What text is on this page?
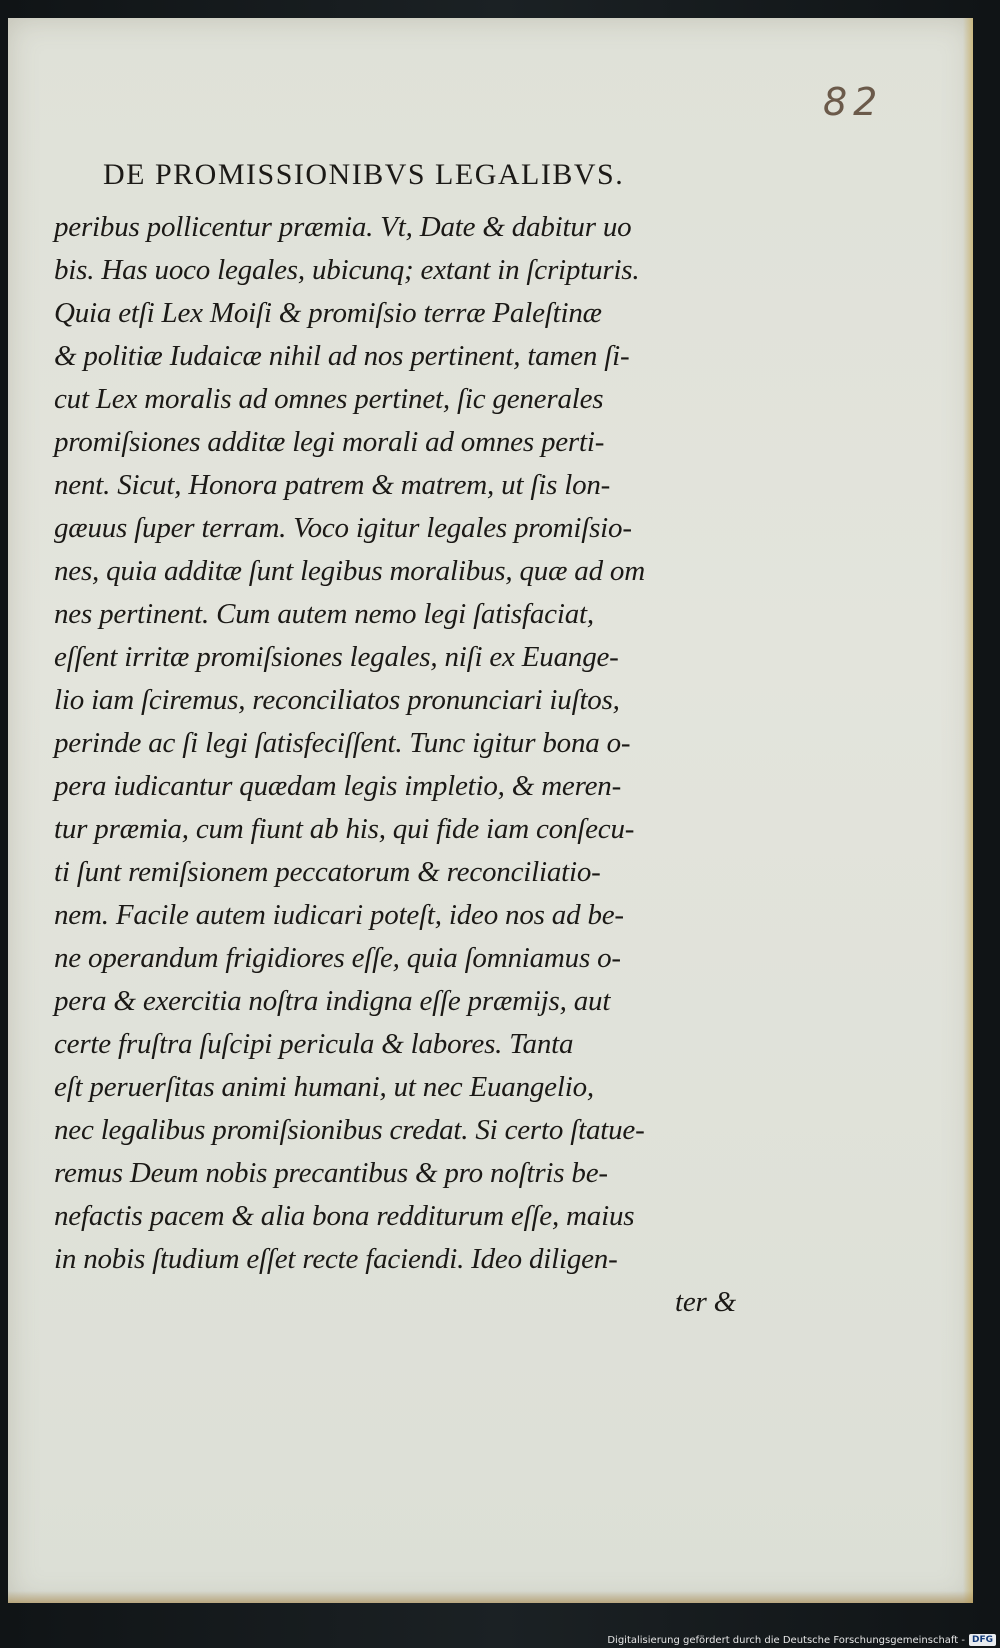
82
DE PROMISSIONIBVS LEGALIBVS.
peribus pollicentur præmia. Vt, Date & dabitur uo
bis. Has uoco legales, ubicunq; extant in ſcripturis.
Quia etſi Lex Moiſi & promiſsio terræ Paleſtinæ
& politiæ Iudaicæ nihil ad nos pertinent, tamen ſi-
cut Lex moralis ad omnes pertinet, ſic generales
promiſsiones additæ legi morali ad omnes perti-
nent. Sicut, Honora patrem & matrem, ut ſis lon-
gæuus ſuper terram. Voco igitur legales promiſsio-
nes, quia additæ ſunt legibus moralibus, quæ ad om
nes pertinent. Cum autem nemo legi ſatisfaciat,
eſſent irritæ promiſsiones legales, niſi ex Euange-
lio iam ſciremus, reconciliatos pronunciari iuſtos,
perinde ac ſi legi ſatisfeciſſent. Tunc igitur bona o-
pera iudicantur quædam legis impletio, & meren-
tur præmia, cum fiunt ab his, qui fide iam conſecu-
ti ſunt remiſsionem peccatorum & reconciliatio-
nem. Facile autem iudicari poteſt, ideo nos ad be-
ne operandum frigidiores eſſe, quia ſomniamus o-
pera & exercitia noſtra indigna eſſe præmijs, aut
certe fruſtra ſuſcipi pericula & labores. Tanta
eſt peruerſitas animi humani, ut nec Euangelio,
nec legalibus promiſsionibus credat. Si certo ſtatue-
remus Deum nobis precantibus & pro noſtris be-
nefactis pacem & alia bona redditurum eſſe, maius
in nobis ſtudium eſſet recte faciendi. Ideo diligen-
ter &
Digitalisierung gefördert durch die Deutsche Forschungsgemeinschaft - DFG
